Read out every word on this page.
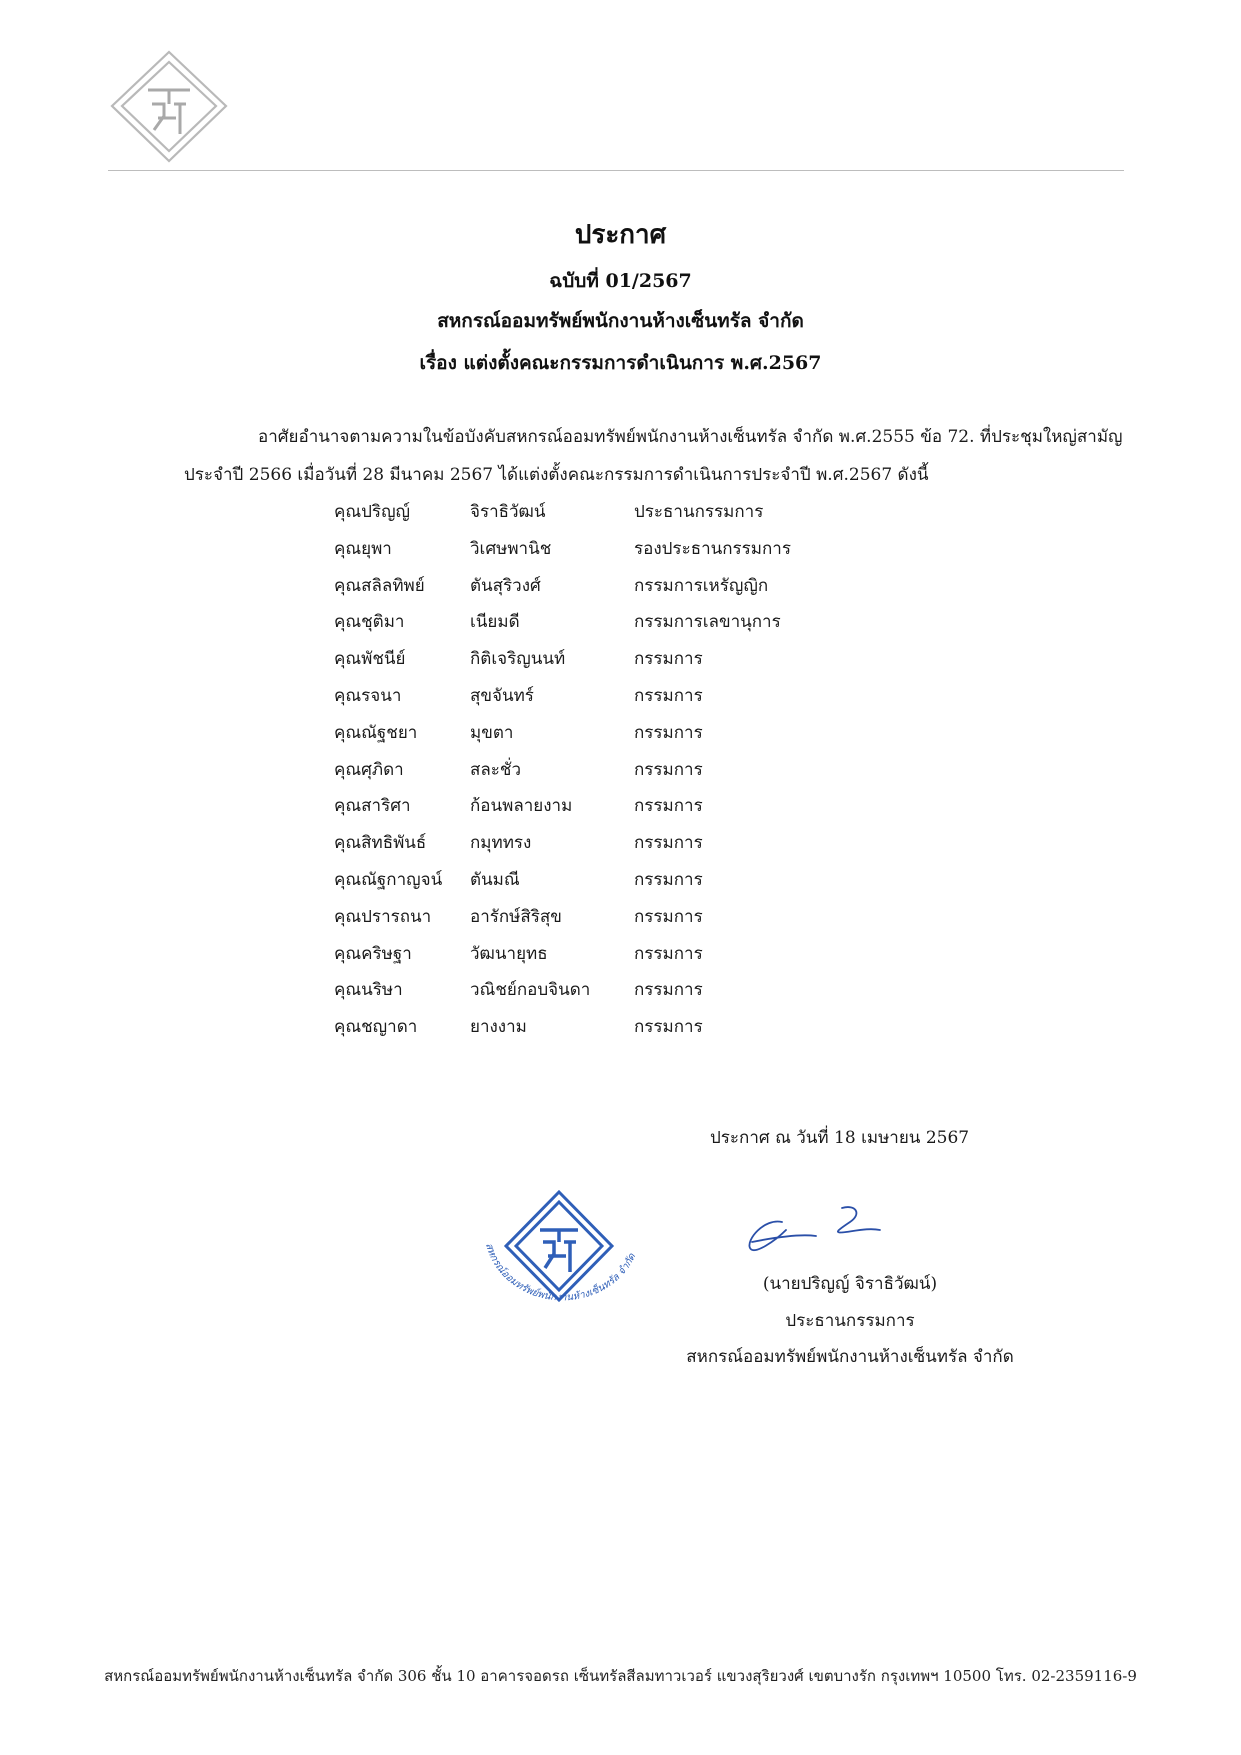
ประกาศ
ฉบับที่ 01/2567
สหกรณ์ออมทรัพย์พนักงานห้างเซ็นทรัล จำกัด
เรื่อง แต่งตั้งคณะกรรมการดำเนินการ พ.ศ.2567
อาศัยอำนาจตามความในข้อบังคับสหกรณ์ออมทรัพย์พนักงานห้างเซ็นทรัล จำกัด พ.ศ.2555 ข้อ 72. ที่ประชุมใหญ่สามัญ
ประจำปี 2566 เมื่อวันที่ 28 มีนาคม 2567 ได้แต่งตั้งคณะกรรมการดำเนินการประจำปี พ.ศ.2567 ดังนี้
คุณปริญญ์	จิราธิวัฒน์	ประธานกรรมการ
คุณยุพา	วิเศษพานิช	รองประธานกรรมการ
คุณสลิลทิพย์	ตันสุริวงศ์	กรรมการเหรัญญิก
คุณชุติมา	เนียมดี	กรรมการเลขานุการ
คุณพัชนีย์	กิติเจริญนนท์	กรรมการ
คุณรจนา	สุขจันทร์	กรรมการ
คุณณัฐชยา	มุขตา	กรรมการ
คุณศุภิดา	สละชั่ว	กรรมการ
คุณสาริศา	ก้อนพลายงาม	กรรมการ
คุณสิทธิพันธ์	กมุททรง	กรรมการ
คุณณัฐกาญจน์ ตันมณี	กรรมการ
คุณปรารถนา อารักษ์สิริสุข	กรรมการ
คุณคริษฐา	วัฒนายุทธ	กรรมการ
คุณนริษา	วณิชย์กอบจินดา	กรรมการ
คุณชญาดา	ยางงาม	กรรมการ
ประกาศ ณ วันที่ 18 เมษายน 2567
สหกรณ์ออมทรัพย์พนักงานห้างเซ็นทรัล จำกัด
(นายปริญญ์ จิราธิวัฒน์)
ประธานกรรมการ
สหกรณ์ออมทรัพย์พนักงานห้างเซ็นทรัล จำกัด
สหกรณ์ออมทรัพย์พนักงานห้างเซ็นทรัล จำกัด 306 ชั้น 10 อาคารจอดรถ เซ็นทรัลสีลมทาวเวอร์ แขวงสุริยวงศ์ เขตบางรัก กรุงเทพฯ 10500 โทร. 02-2359116-9
